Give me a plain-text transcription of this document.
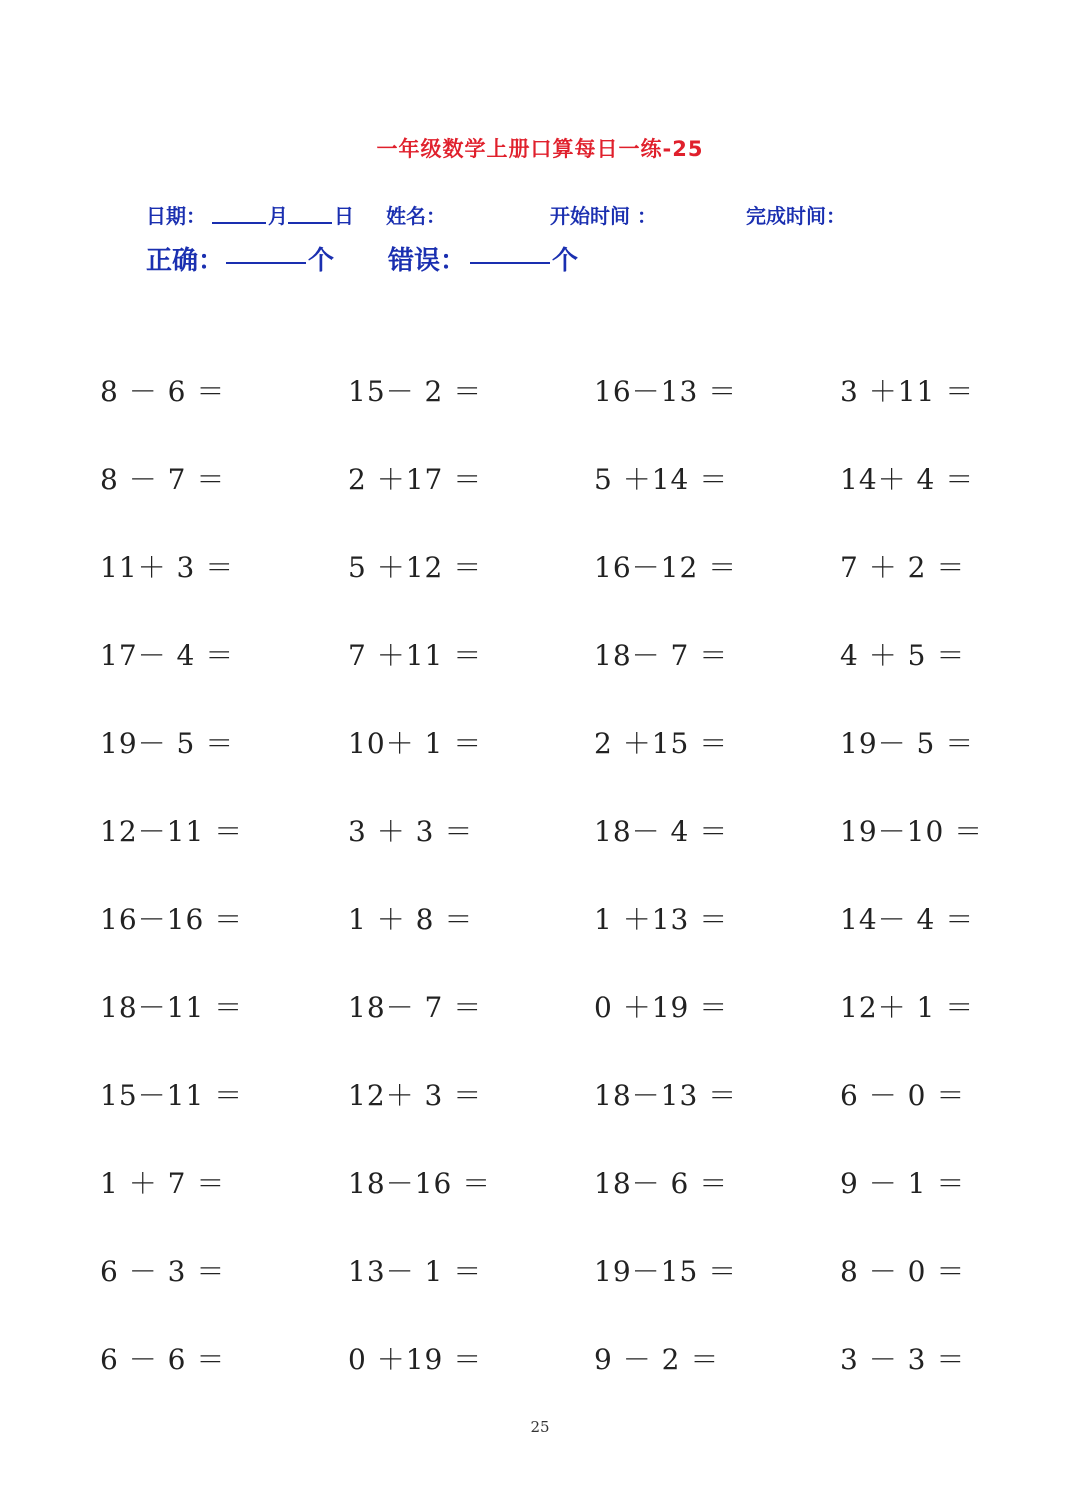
一年级数学上册口算每日一练-25
日期：	月 日 姓名：	开始时间 ：	完成时间：
正确：	个 错误：	个
8 － 6 ＝	15－ 2 ＝	16－13 ＝	3 ＋11 ＝
8 － 7 ＝	2 ＋17 ＝	5 ＋14 ＝	14＋ 4 ＝
11＋ 3 ＝	5 ＋12 ＝	16－12 ＝	7 ＋ 2 ＝
17－ 4 ＝	7 ＋11 ＝	18－ 7 ＝	4 ＋ 5 ＝
19－ 5 ＝	10＋ 1 ＝	2 ＋15 ＝	19－ 5 ＝
12－11 ＝	3 ＋ 3 ＝	18－ 4 ＝	19－10 ＝
16－16 ＝	1 ＋ 8 ＝	1 ＋13 ＝	14－ 4 ＝
18－11 ＝	18－ 7 ＝	0 ＋19 ＝	12＋ 1 ＝
15－11 ＝	12＋ 3 ＝	18－13 ＝	6 － 0 ＝
1 ＋ 7 ＝	18－16 ＝	18－ 6 ＝	9 － 1 ＝
6 － 3 ＝	13－ 1 ＝	19－15 ＝	8 － 0 ＝
6 － 6 ＝	0 ＋19 ＝	9 － 2 ＝	3 － 3 ＝
25
